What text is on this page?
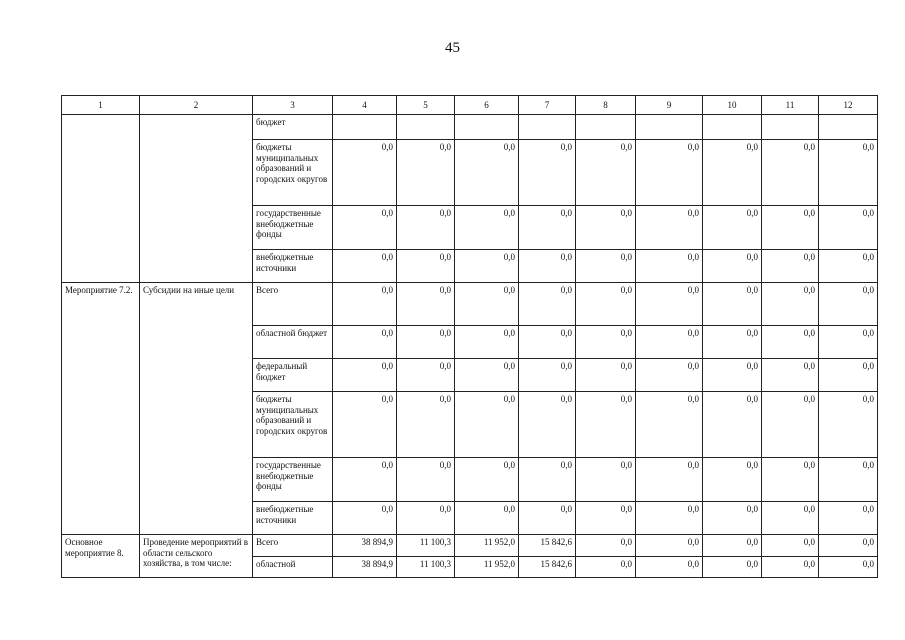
45
1	2	3	4	5	6	7	8	9	10	11	12
		бюджет									
		бюджеты муниципальных образований и городских округов	0,0	0,0	0,0	0,0	0,0	0,0	0,0	0,0	0,0
		государственные внебюджетные фонды	0,0	0,0	0,0	0,0	0,0	0,0	0,0	0,0	0,0
		внебюджетные источники	0,0	0,0	0,0	0,0	0,0	0,0	0,0	0,0	0,0
Мероприятие 7.2.	Субсидии на иные цели	Всего	0,0	0,0	0,0	0,0	0,0	0,0	0,0	0,0	0,0
		областной бюджет	0,0	0,0	0,0	0,0	0,0	0,0	0,0	0,0	0,0
		федеральный бюджет	0,0	0,0	0,0	0,0	0,0	0,0	0,0	0,0	0,0
		бюджеты муниципальных образований и городских округов	0,0	0,0	0,0	0,0	0,0	0,0	0,0	0,0	0,0
		государственные внебюджетные фонды	0,0	0,0	0,0	0,0	0,0	0,0	0,0	0,0	0,0
		внебюджетные источники	0,0	0,0	0,0	0,0	0,0	0,0	0,0	0,0	0,0
Основное мероприятие 8.	Проведение мероприятий в области сельского хозяйства, в том числе:	Всего	38 894,9	11 100,3	11 952,0	15 842,6	0,0	0,0	0,0	0,0	0,0
		областной	38 894,9	11 100,3	11 952,0	15 842,6	0,0	0,0	0,0	0,0	0,0
